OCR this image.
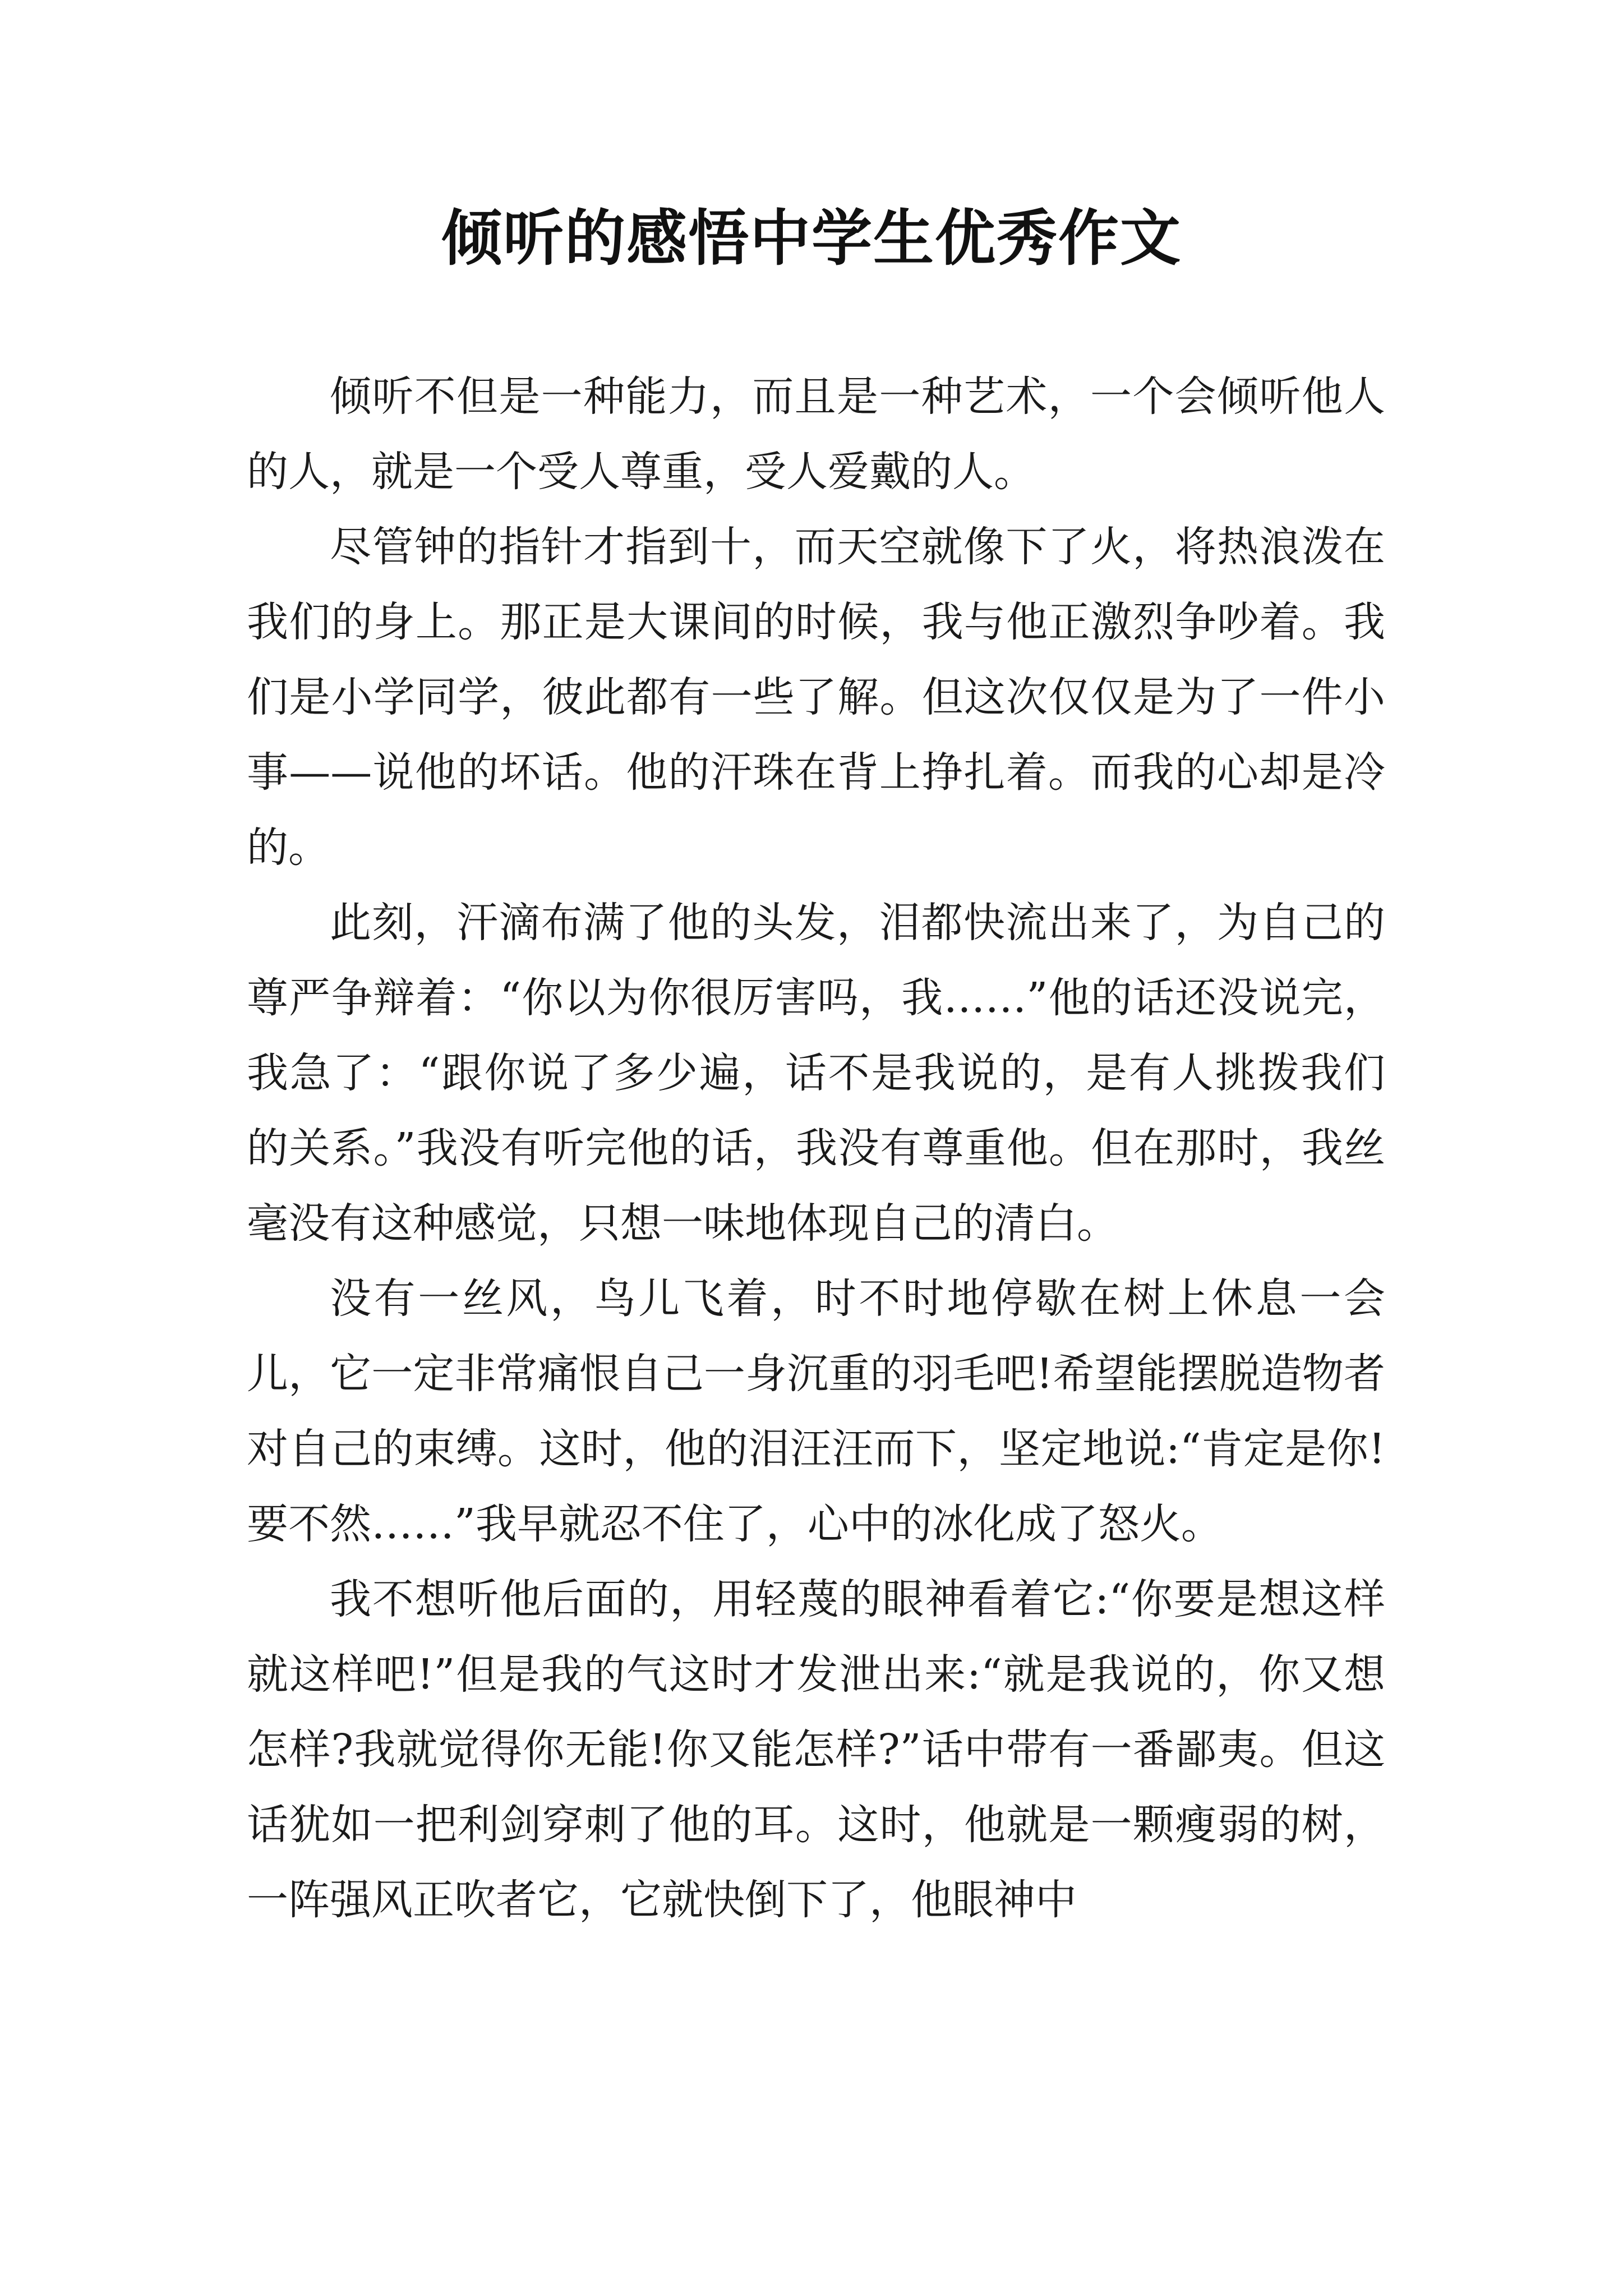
倾听的感悟中学生优秀作文

倾听不但是一种能力，而且是一种艺术，一个会倾听他人的人，就是一个受人尊重，受人爱戴的人。

尽管钟的指针才指到十，而天空就像下了火，将热浪泼在我们的身上。那正是大课间的时候，我与他正激烈争吵着。我们是小学同学，彼此都有一些了解。但这次仅仅是为了一件小事——说他的坏话。他的汗珠在背上挣扎着。而我的心却是冷的。

此刻，汗滴布满了他的头发，泪都快流出来了，为自己的尊严争辩着：“你以为你很厉害吗，我……”他的话还没说完，我急了：“跟你说了多少遍，话不是我说的，是有人挑拨我们的关系。”我没有听完他的话，我没有尊重他。但在那时，我丝毫没有这种感觉，只想一味地体现自己的清白。

没有一丝风，鸟儿飞着，时不时地停歇在树上休息一会儿，它一定非常痛恨自己一身沉重的羽毛吧!希望能摆脱造物者对自己的束缚。这时，他的泪汪汪而下，坚定地说:“肯定是你!要不然……”我早就忍不住了，心中的冰化成了怒火。

我不想听他后面的，用轻蔑的眼神看着它:“你要是想这样就这样吧!”但是我的气这时才发泄出来:“就是我说的，你又想怎样?我就觉得你无能!你又能怎样?”话中带有一番鄙夷。但这话犹如一把利剑穿刺了他的耳。这时，他就是一颗瘦弱的树，一阵强风正吹者它，它就快倒下了，他眼神中
